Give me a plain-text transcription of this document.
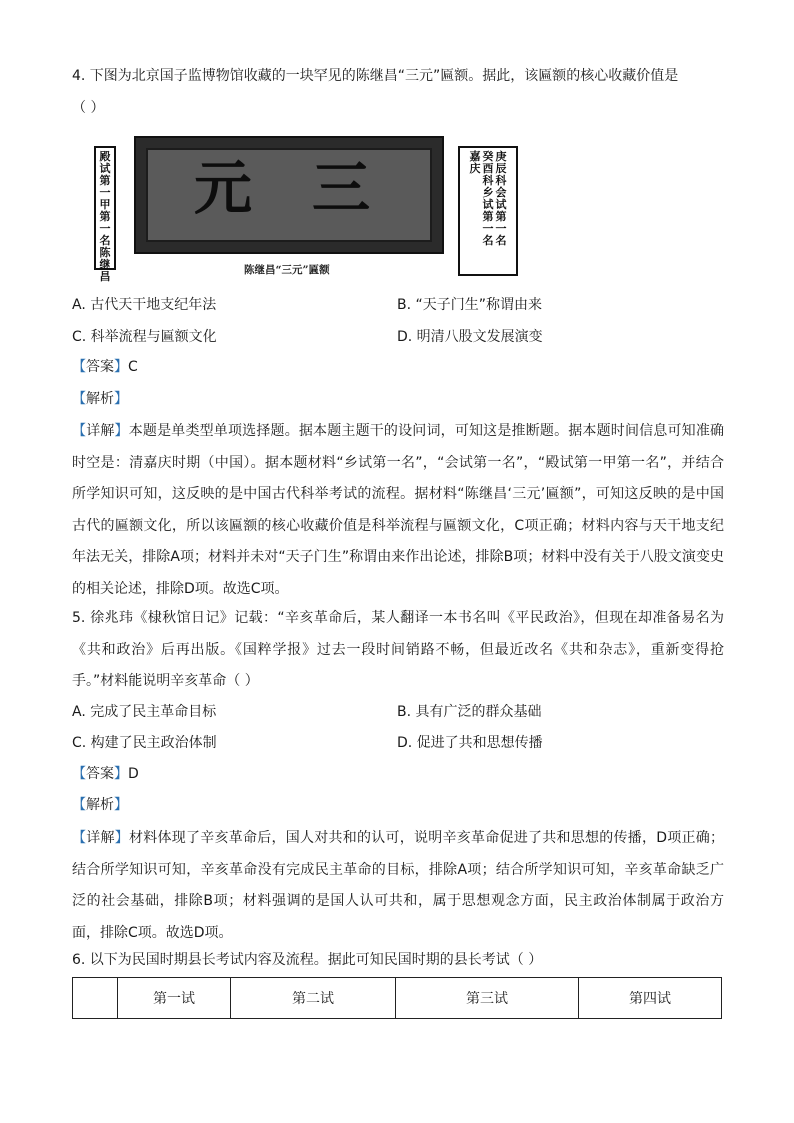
4. 下图为北京国子监博物馆收藏的一块罕见的陈继昌“三元”匾额。据此，该匾额的核心收藏价值是
（ ）
殿试第一甲第一名陈继昌
元 三	嘉庆癸酉科乡试第一名庚辰科会试第一名
陈继昌“三元”匾额
A. 古代天干地支纪年法	B. “天子门生”称谓由来
C. 科举流程与匾额文化	D. 明清八股文发展演变
【答案】C
【解析】
【详解】本题是单类型单项选择题。据本题主题干的设问词，可知这是推断题。据本题时间信息可知准确时空是：清嘉庆时期（中国）。据本题材料“乡试第一名”，“会试第一名”，“殿试第一甲第一名”，并结合所学知识可知，这反映的是中国古代科举考试的流程。据材料“陈继昌‘三元’匾额”，可知这反映的是中国古代的匾额文化，所以该匾额的核心收藏价值是科举流程与匾额文化，C项正确；材料内容与天干地支纪年法无关，排除A项；材料并未对“天子门生”称谓由来作出论述，排除B项；材料中没有关于八股文演变史的相关论述，排除D项。故选C项。
5. 徐兆玮《棣秋馆日记》记载：“辛亥革命后，某人翻译一本书名叫《平民政治》，但现在却准备易名为《共和政治》后再出版。《国粹学报》过去一段时间销路不畅，但最近改名《共和杂志》，重新变得抢手。”材料能说明辛亥革命（ ）
A. 完成了民主革命目标	B. 具有广泛的群众基础
C. 构建了民主政治体制	D. 促进了共和思想传播
【答案】D
【解析】
【详解】材料体现了辛亥革命后，国人对共和的认可，说明辛亥革命促进了共和思想的传播，D项正确；结合所学知识可知，辛亥革命没有完成民主革命的目标，排除A项；结合所学知识可知，辛亥革命缺乏广泛的社会基础，排除B项；材料强调的是国人认可共和，属于思想观念方面，民主政治体制属于政治方面，排除C项。故选D项。
6. 以下为民国时期县长考试内容及流程。据此可知民国时期的县长考试（ ）
	第一试	第二试	第三试	第四试
